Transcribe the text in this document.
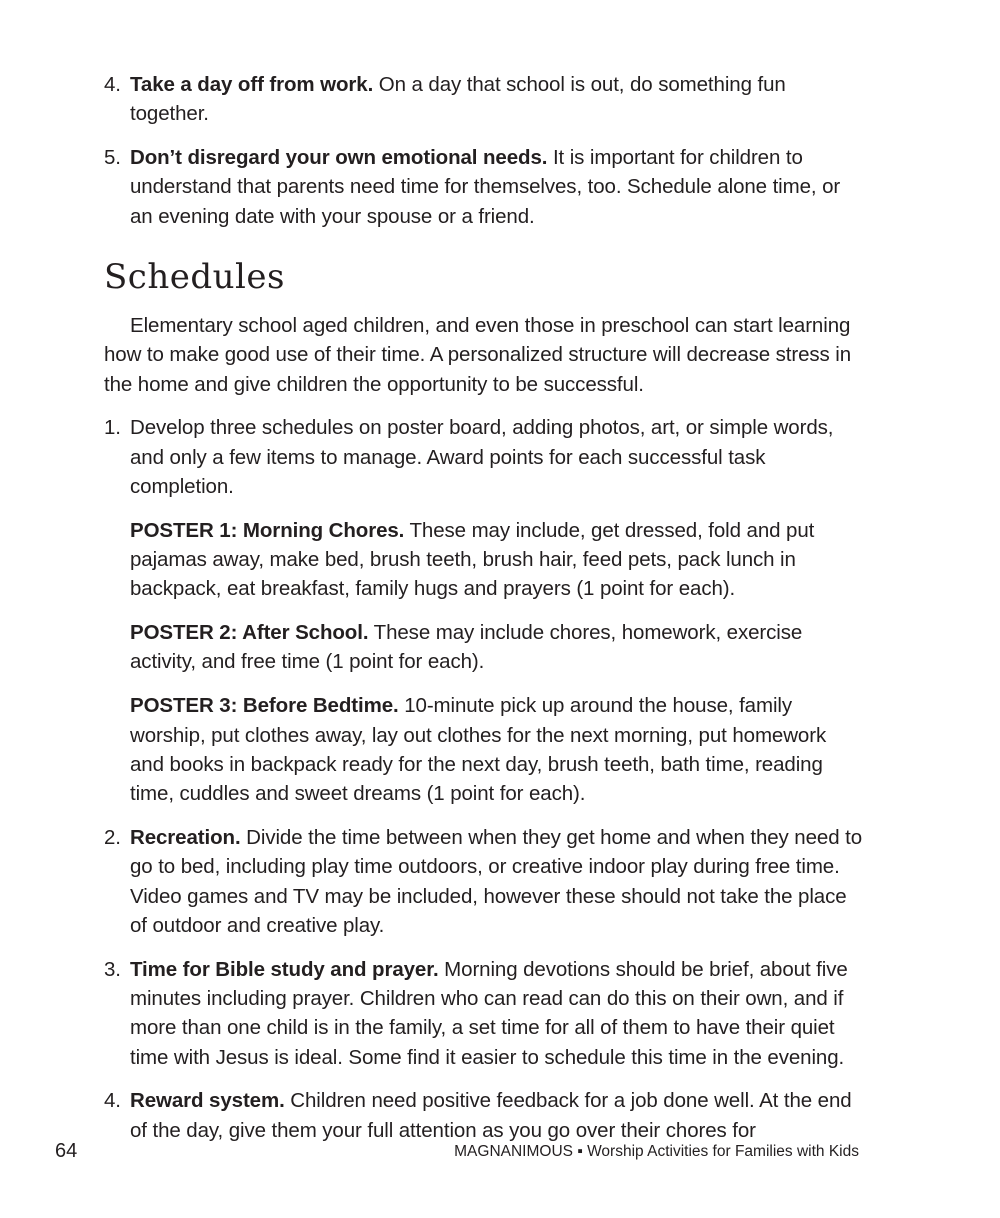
4. Take a day off from work. On a day that school is out, do something fun together.
5. Don’t disregard your own emotional needs. It is important for children to understand that parents need time for themselves, too. Schedule alone time, or an evening date with your spouse or a friend.
Schedules

Elementary school aged children, and even those in preschool can start learning how to make good use of their time. A personalized structure will decrease stress in the home and give children the opportunity to be successful.

1. Develop three schedules on poster board, adding photos, art, or simple words, and only a few items to manage. Award points for each successful task completion.

POSTER 1: Morning Chores. These may include, get dressed, fold and put pajamas away, make bed, brush teeth, brush hair, feed pets, pack lunch in backpack, eat breakfast, family hugs and prayers (1 point for each).

POSTER 2: After School. These may include chores, homework, exercise activity, and free time (1 point for each).

POSTER 3: Before Bedtime. 10-minute pick up around the house, family worship, put clothes away, lay out clothes for the next morning, put homework and books in backpack ready for the next day, brush teeth, bath time, reading time, cuddles and sweet dreams (1 point for each).

2. Recreation. Divide the time between when they get home and when they need to go to bed, including play time outdoors, or creative indoor play during free time. Video games and TV may be included, however these should not take the place of outdoor and creative play.
3. Time for Bible study and prayer. Morning devotions should be brief, about five minutes including prayer. Children who can read can do this on their own, and if more than one child is in the family, a set time for all of them to have their quiet time with Jesus is ideal. Some find it easier to schedule this time in the evening.
4. Reward system. Children need positive feedback for a job done well. At the end of the day, give them your full attention as you go over their chores for
64	MAGNANIMOUS ▪ Worship Activities for Families with Kids
